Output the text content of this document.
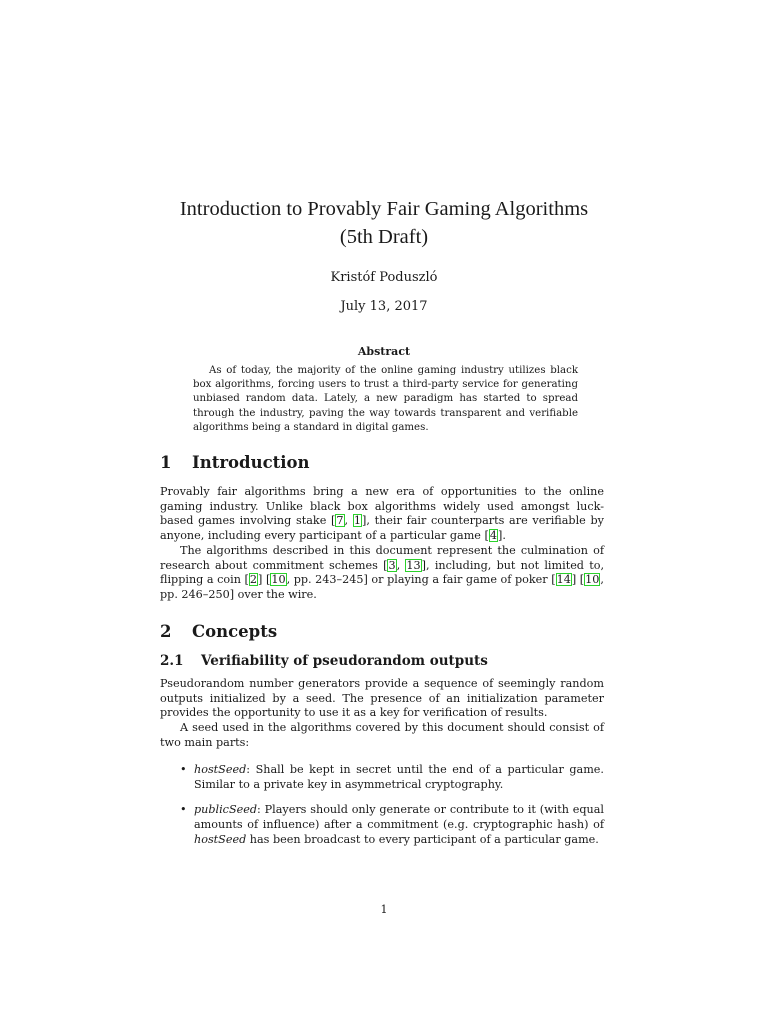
Introduction to Provably Fair Gaming Algorithms
(5th Draft)
Kristóf Poduszló
July 13, 2017
Abstract
As of today, the majority of the online gaming industry utilizes black box algorithms, forcing users to trust a third-party service for generating unbiased random data. Lately, a new paradigm has started to spread through the industry, paving the way towards transparent and verifiable algorithms being a standard in digital games.
1 Introduction
Provably fair algorithms bring a new era of opportunities to the online gaming industry. Unlike black box algorithms widely used amongst luck-based games involving stake [7, 1], their fair counterparts are verifiable by anyone, including every participant of a particular game [4].
The algorithms described in this document represent the culmination of research about commitment schemes [3, 13], including, but not limited to, flipping a coin [2] [10, pp. 243–245] or playing a fair game of poker [14] [10, pp. 246–250] over the wire.
2 Concepts
2.1 Verifiability of pseudorandom outputs
Pseudorandom number generators provide a sequence of seemingly random outputs initialized by a seed. The presence of an initialization parameter provides the opportunity to use it as a key for verification of results.
A seed used in the algorithms covered by this document should consist of two main parts:
• hostSeed: Shall be kept in secret until the end of a particular game. Similar to a private key in asymmetrical cryptography.
• publicSeed: Players should only generate or contribute to it (with equal amounts of influence) after a commitment (e.g. cryptographic hash) of hostSeed has been broadcast to every participant of a particular game.
1
